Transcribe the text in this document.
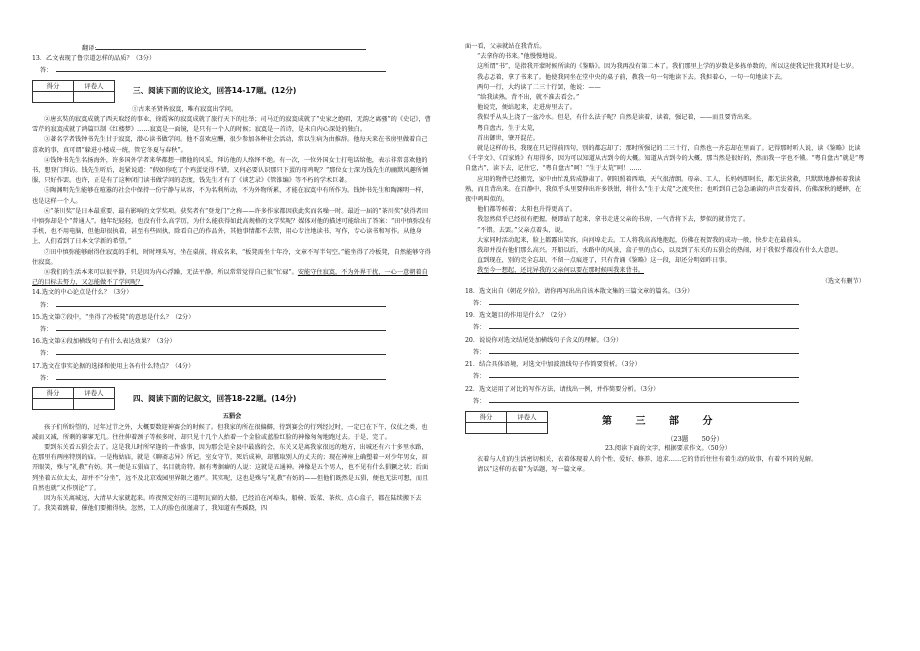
翻译:

13．乙文表现了鲁宗道怎样的品质？（3分）

答：
得分	评卷人

三、阅读下面的议论文，回答14-17题。(12分)

①古来圣贤皆寂寞，唯有寂寞出学问。

②唐玄奘的寂寞成就了西天取经的事业，徐霞客的寂寞成就了旅行天下的壮举；司马迁的寂寞成就了“史家之绝唱，无韵之离骚”的《史记》，曹雪芹的寂寞成就了鸿篇巨制《红楼梦》……寂寞是一面镜，是只有一个人的时候；寂寞是一首诗，是未自内心深处的独白。

③著名学者钱钟书先生甘于寂寞，潜心读书做学问。他不喜欢应酬，很少参加各种社会活动，常以生病为由推辞。他每天来在书房里做着自己喜欢的事，真可谓“躲进小楼成一统，管它冬夏与春秋”。

④钱钟书先生名扬海外，许多国外学者来华都想一睹他的风采，拜访他的人络绎不绝。有一次，一位外国女士打电话给他，表示非常喜欢他的书，想登门拜访。钱先生听后，赶紧说道：“假如你吃了个鸡蛋觉得不错，又何必要认识那只下蛋的母鸡呢？”那位女士深为钱先生的幽默风趣所倾服，只好作罢。也许，正是有了这种闭门读书做学问的态度，钱先生才有了《谈艺录》《管锥编》等不朽的学术巨著。

⑤陶渊明先生能够在喧嚣的社会中保持一份宁静与从容，不为名利所动，不为外物所累，才能在寂寞中有所作为。钱钟书先生和陶渊明一样，也是这样一个人。

⑥“茶川奖”是日本最重要、最有影响的文学奖项。获奖者有“登龙门”之称——许多作家都因获此奖而名噪一时。最近一届的“茶川奖”获得者田中慎弥却是个“普通人”。他年纪轻轻，也没有什么高学历，为什么能获得如此高规格的文学奖呢？媒体对他的描述可能给出了答案：“田中慎弥没有手机，也不用电脑，但他却很执着，甚至有些固执，除看自己的作品外，其他事情都不去管，用心专注地读书、写作，专心读书和写作。从他身上，人们看到了日本文学新的希望。”

⑦田中慎弥能够耐得住寂寞的手机，时时埋头写，坐在桌前，将成名来，“板凳需坐十年冷，文章不写半句空。”能坐得了冷板凳，自然能够守得住寂寞。

⑧我们的生活本来可以很平静，只是因为内心浮躁，无法平静，所以常常觉得自己很“忙碌”。安能守住寂寞，不为外界干扰，一心一意朝着自己的目标去努力，又怎能做不了学问呢？

14.选文的中心论点是什么？（3分）

答：

15.选文第⑦段中，“坐得了冷板凳”的意思是什么？（2分）

答：

16.选文第④段加横线句子有什么表达效果？（3分）

答：

17.选文在事实论据的选择和使用上各有什么特点？（4分）

答：
得分	评卷人

四、阅读下面的记叙文，回答18-22题。(14分)

五猖会

孩子们所盼望的，过年过节之外，大概要数迎神赛会的时候了。但我家的所在很偏僻，待到赛会的行列经过时，一定已在下午，仪仗之类，也减而又减，所剩的寥寥无几。往往伸着颈子等候多时，却只见十几个人抬着一个金脸或蓝脸红脸的神像匆匆地跑过去。于是，完了。

要到东关看五猖会去了。这是我儿时所罕逢的一件盛事，因为那会是全县中最盛的会，东关又是离我家很远的地方，出城还有六十多里水路，在那里有两座特别的庙。一是梅姑庙，就是《聊斋志异》所记，室女守节，死后成神，却篡取别人的丈夫的；现在神座上确塑着一对少年男女，眉开眼笑，殊与“礼教”有妨。其一便是五猖庙了，名目就奇特。据有考据癖的人说：这就是五通神。神像是五个男人，也不见有什么猖獗之状；后面列坐着五位太太，却并不“分坐”，远不及北京戏园里界限之谨严。其实呢，这也是殊与“礼教”有妨的——但他们既然是五猖，便也无法可想，而且自然也就“又作别论”了。

因为东关离城远，大清早大家就起来。昨夜预定好的三道明瓦窗的大船，已经泊在河埠头，船椅、饭菜、茶炊、点心盒子，都在陆续搬下去了。我笑着跳着，催他们要搬得快。忽然，工人的脸色很谨肃了，我知道有些蹊跷，四

面一看，父亲就站在我背后。

“去拿你的书来。”他慢慢地说。

这所谓“书”，是指我开蒙时候所读的《鉴略》。因为我再没有第二本了。我们那里上学的岁数是多拣单数的，所以这使我记住我其时是七岁。

我忐忑着，拿了书来了。他使我同坐在堂中央的桌子前，教我一句一句地读下去。我担着心，一句一句地读下去。

两句一行，大约读了二三十行罢，他说：——

“给我读熟。背不出，就不准去看会。”

他说完，便站起来，走进房里去了。

我似乎从头上浇了一盆冷水。但是，有什么法子呢？自然是读着，读着，强记着，——而且要背出来。

粤自盘古，生于太荒，

首出御世，肇开混茫。

就是这样的书，我现在只记得前四句，别的都忘却了；那时所强记的二三十行，自然也一齐忘却在里面了。记得那时听人说，读《鉴略》比读《千字文》、《百家姓》有用得多，因为可以知道从古到今的大概。知道从古到今的大概，那当然是很好的，然而我一字也不懂。“粤自盘古”就是“粤自盘古”，读下去，记住它，“粤自盘古”呵！“生于太荒”呵！……

应用的物件已经搬完，家中由忙乱转成静肃了。朝阳照着西墙，天气很清朗。母亲、工人、长妈妈即阿长，都无法营救，只默默地静候着我读熟，而且背出来。在百静中，我似乎头里要伸出许多铁钳，将什么“生于太荒”之流夹住；也听到自己急急诵读的声音发着抖，仿佛深秋的蟋蟀，在夜中鸣叫似的。

他们都等候着；太阳也升得更高了。

我忽然似乎已经很有把握，便即站了起来，拿书走进父亲的书房，一气背将下去，梦似的就背完了。

“不错。去罢。”父亲点着头，说。

大家同时活动起来，脸上都露出笑容，向河埠走去。工人将我高高地抱起，仿佛在祝贺我的成功一般，快步走在最前头。

我却并没有他们那么高兴。开船以后，水路中的风景，盒子里的点心，以及到了东关的五猖会的热闹，对于我似乎都没有什么大意思。

直到现在，别的完全忘却，不留一点痕迹了，只有背诵《鉴略》这一段，却还分明如昨日事。

我至今一想起，还诧异我的父亲何以要在那时候叫我来背书。

（选文有删节）

18．选文出自《朝花夕拾》，请你再写出出自该本散文集的三篇文章的篇名。（3分）

答：

19．选文题目的作用是什么？（2分）

答：

20．说说你对选文结尾处加横线句子含义的理解。（3分）

答：

21．结合具体语境，对选文中加波浪线句子作简要赏析。（3分）

答：

22．选文运用了对比的写作方法，请找出一例，并作简要分析。（3分）

答：
得分	评卷人
		第 三 部 分

（23题　　50分）

23.阅读下面的文字，根据要求作文。（50分）

衣着与人们的生活密切相关，衣着体现着人的个性、爱好、修养、追求……它的背后往往有着生动的故事，有着不同的见解。

请以“这样的衣着”为话题，写一篇文章。
